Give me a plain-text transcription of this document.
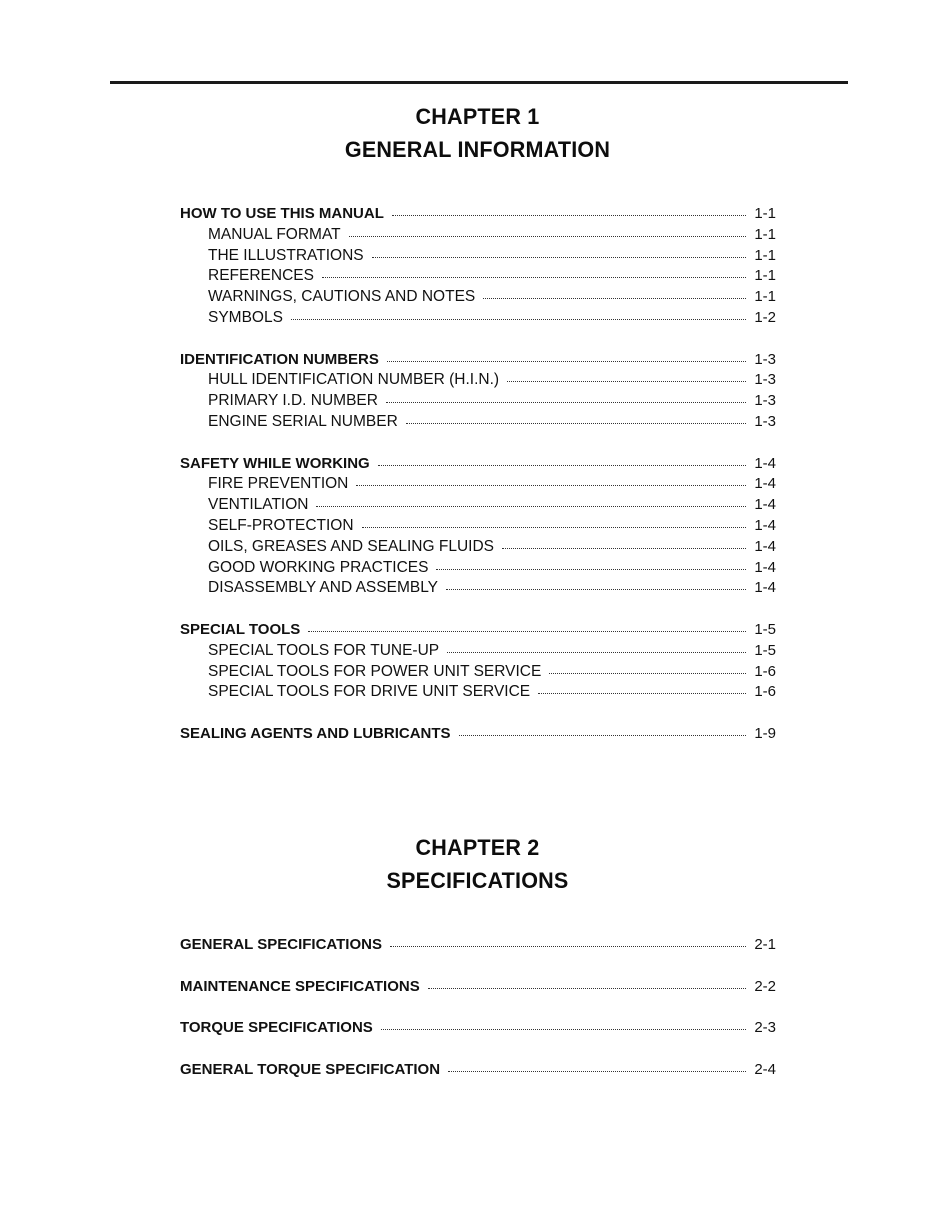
CHAPTER 1
GENERAL INFORMATION
HOW TO USE THIS MANUAL	1-1
MANUAL FORMAT	1-1
THE ILLUSTRATIONS	1-1
REFERENCES	1-1
WARNINGS, CAUTIONS AND NOTES	1-1
SYMBOLS	1-2
IDENTIFICATION NUMBERS	1-3
HULL IDENTIFICATION NUMBER (H.I.N.)	1-3
PRIMARY I.D. NUMBER	1-3
ENGINE SERIAL NUMBER	1-3
SAFETY WHILE WORKING	1-4
FIRE PREVENTION	1-4
VENTILATION	1-4
SELF-PROTECTION	1-4
OILS, GREASES AND SEALING FLUIDS	1-4
GOOD WORKING PRACTICES	1-4
DISASSEMBLY AND ASSEMBLY	1-4
SPECIAL TOOLS	1-5
SPECIAL TOOLS FOR TUNE-UP	1-5
SPECIAL TOOLS FOR POWER UNIT SERVICE	1-6
SPECIAL TOOLS FOR DRIVE UNIT SERVICE	1-6
SEALING AGENTS AND LUBRICANTS	1-9
CHAPTER 2
SPECIFICATIONS
GENERAL SPECIFICATIONS	2-1
MAINTENANCE SPECIFICATIONS	2-2
TORQUE SPECIFICATIONS	2-3
GENERAL TORQUE SPECIFICATION	2-4
